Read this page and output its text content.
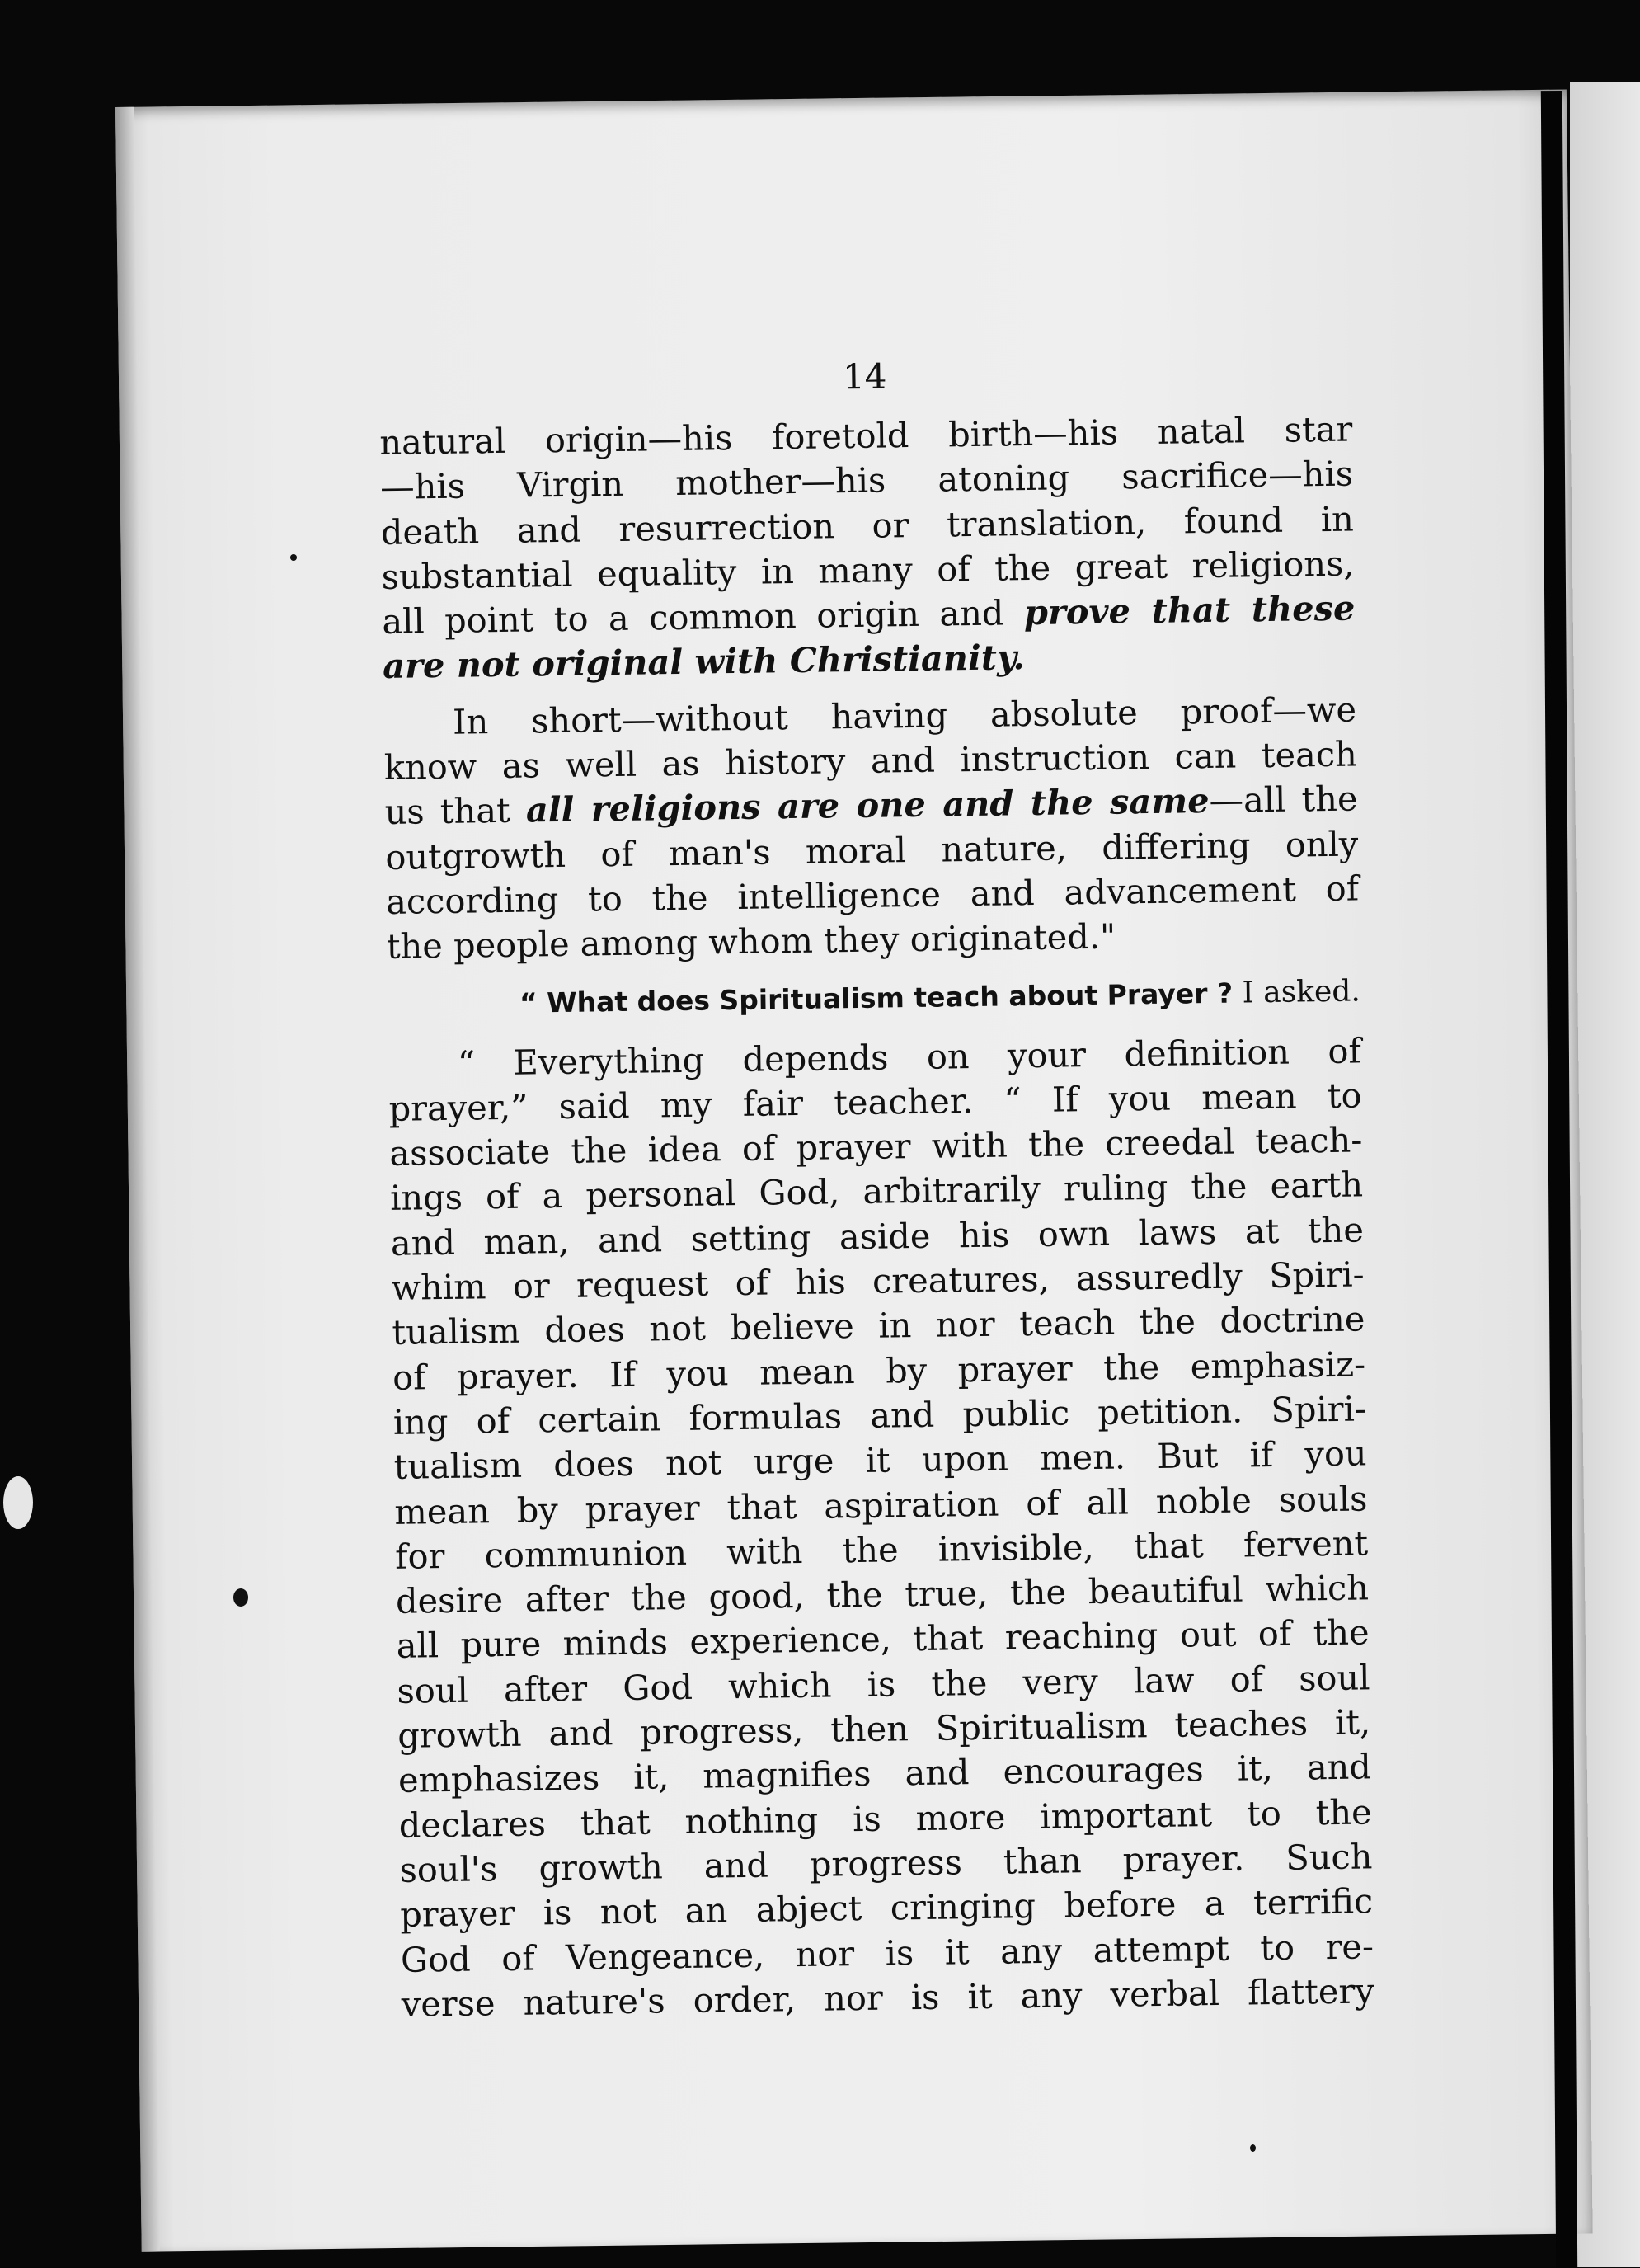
14
natural origin—his foretold birth—his natal star
—his Virgin mother—his atoning sacrifice—his
death and resurrection or translation, found in
substantial equality in many of the great religions,
all point to a common origin and prove that these
are not original with Christianity.
In short—without having absolute proof—we
know as well as history and instruction can teach
us that all religions are one and the same—all the
outgrowth of man's moral nature, differing only
according to the intelligence and advancement of
the people among whom they originated."
“ What does Spiritualism teach about Prayer ? I asked.
“ Everything depends on your definition of
prayer,” said my fair teacher. “ If you mean to
associate the idea of prayer with the creedal teach-
ings of a personal God, arbitrarily ruling the earth
and man, and setting aside his own laws at the
whim or request of his creatures, assuredly Spiri-
tualism does not believe in nor teach the doctrine
of prayer. If you mean by prayer the emphasiz-
ing of certain formulas and public petition. Spiri-
tualism does not urge it upon men. But if you
mean by prayer that aspiration of all noble souls
for communion with the invisible, that fervent
desire after the good, the true, the beautiful which
all pure minds experience, that reaching out of the
soul after God which is the very law of soul
growth and progress, then Spiritualism teaches it,
emphasizes it, magnifies and encourages it, and
declares that nothing is more important to the
soul's growth and progress than prayer. Such
prayer is not an abject cringing before a terrific
God of Vengeance, nor is it any attempt to re-
verse nature's order, nor is it any verbal flattery
